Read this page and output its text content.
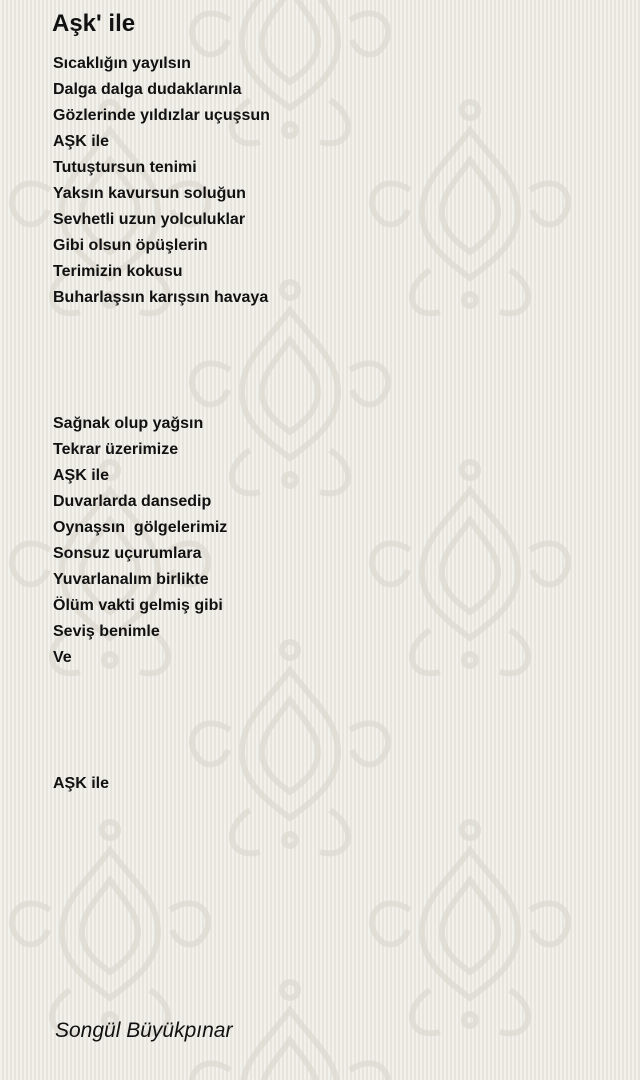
Aşk' ile
Sıcaklığın yayılsın
Dalga dalga dudaklarınla
Gözlerinde yıldızlar uçuşsun
AŞK ile
Tutuştursun tenimi
Yaksın kavursun soluğun
Sevhetli uzun yolculuklar
Gibi olsun öpüşlerin
Terimizin kokusu
Buharlaşsın karışsın havaya
Sağnak olup yağsın
Tekrar üzerimize
AŞK ile
Duvarlarda dansedip
Oynaşsın  gölgelerimiz
Sonsuz uçurumlara
Yuvarlanalım birlikte
Ölüm vakti gelmiş gibi
Seviş benimle
Ve
AŞK ile
Songül Büyükpınar
